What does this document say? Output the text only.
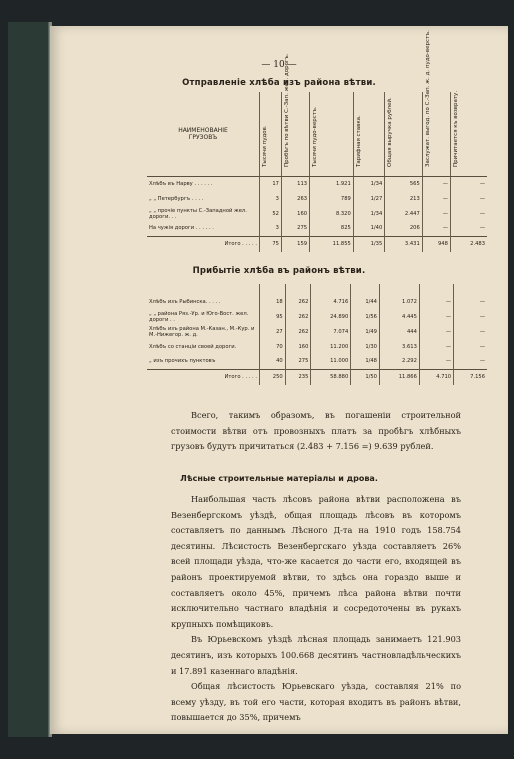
— 10 —
Отправленіе хлѣба изъ района вѣтви.
НАИМЕНОВАНІЕ ГРУЗОВЪ	Тысячи пудов.	Пробѣгъ по вѣтви С.-Зап. жел. дорогъ.	Тысячи пудо-верстъ.	Тарифная ставка.	Общая выручка рублей.	Заслужат. выгод. по С.-Зап. ж. д. пудо-верстъ.	Причитается къ возврату.

Хлѣбъ въ Нарву . . . . . .	17	113	1.921	1/34	565	—	—
„ „ Петербургъ . . . .	3	263	789	1/27	213	—	—
„ „ прочіе пункты С.-Западной жел. дороги. . .	52	160	8.320	1/34	2.447	—	—
На чужія дороги . . . . . .	3	275	825	1/40	206	—	—
Итого . . . . .	75	159	11.855	1/35	3.431	948	2.483
Прибытіе хлѣба въ районъ вѣтви.

Хлѣбъ изъ Рыбинска. . . . .	18	262	4.716	1/44	1.072	—	—
„ „ района Ряз.-Ур. и Юго-Вост. жел. дороги . .	95	262	24.890	1/56	4.445	—	—
Хлѣбъ изъ района М.-Казан., М.-Кур. и М.-Нижегор. ж. д.	27	262	7.074	1/49	444	—	—
Хлѣбъ со станціи своей дороги.	70	160	11.200	1/30	3.613	—	—
„ изъ прочихъ пунктовъ	40	275	11.000	1/48	2.292	—	—
Итого . . . . .	250	235	58.880	1/50	11.866	4.710	7.156

Всего, такимъ образомъ, въ погашеніи строительной стоимости вѣтви отъ провозныхъ платъ за пробѣгъ хлѣбныхъ грузовъ будутъ причитаться (2.483 + 7.156 =) 9.639 рублей.

Лѣсные строительные матеріалы и дрова.

Наибольшая часть лѣсовъ района вѣтви расположена въ Везенбергскомъ уѣздѣ, общая площадь лѣсовъ въ которомъ составляетъ по даннымъ Лѣсного Д-та на 1910 годъ 158.754 десятины. Лѣсистость Везенбергскаго уѣзда составляетъ 26% всей площади уѣзда, что-же касается до части его, входящей въ районъ проектируемой вѣтви, то здѣсь она гораздо выше и составляетъ около 45%, причемъ лѣса района вѣтви почти исключительно частнаго владѣнія и сосредоточены въ рукахъ крупныхъ помѣщиковъ.

Въ Юрьевскомъ уѣздѣ лѣсная площадь занимаетъ 121.903 десятинъ, изъ которыхъ 100.668 десятинъ частновладѣльческихъ и 17.891 казеннаго владѣнія.

Общая лѣсистость Юрьевскаго уѣзда, составляя 21% по всему уѣзду, въ той его части, которая входитъ въ районъ вѣтви, повышается до 35%, причемъ
